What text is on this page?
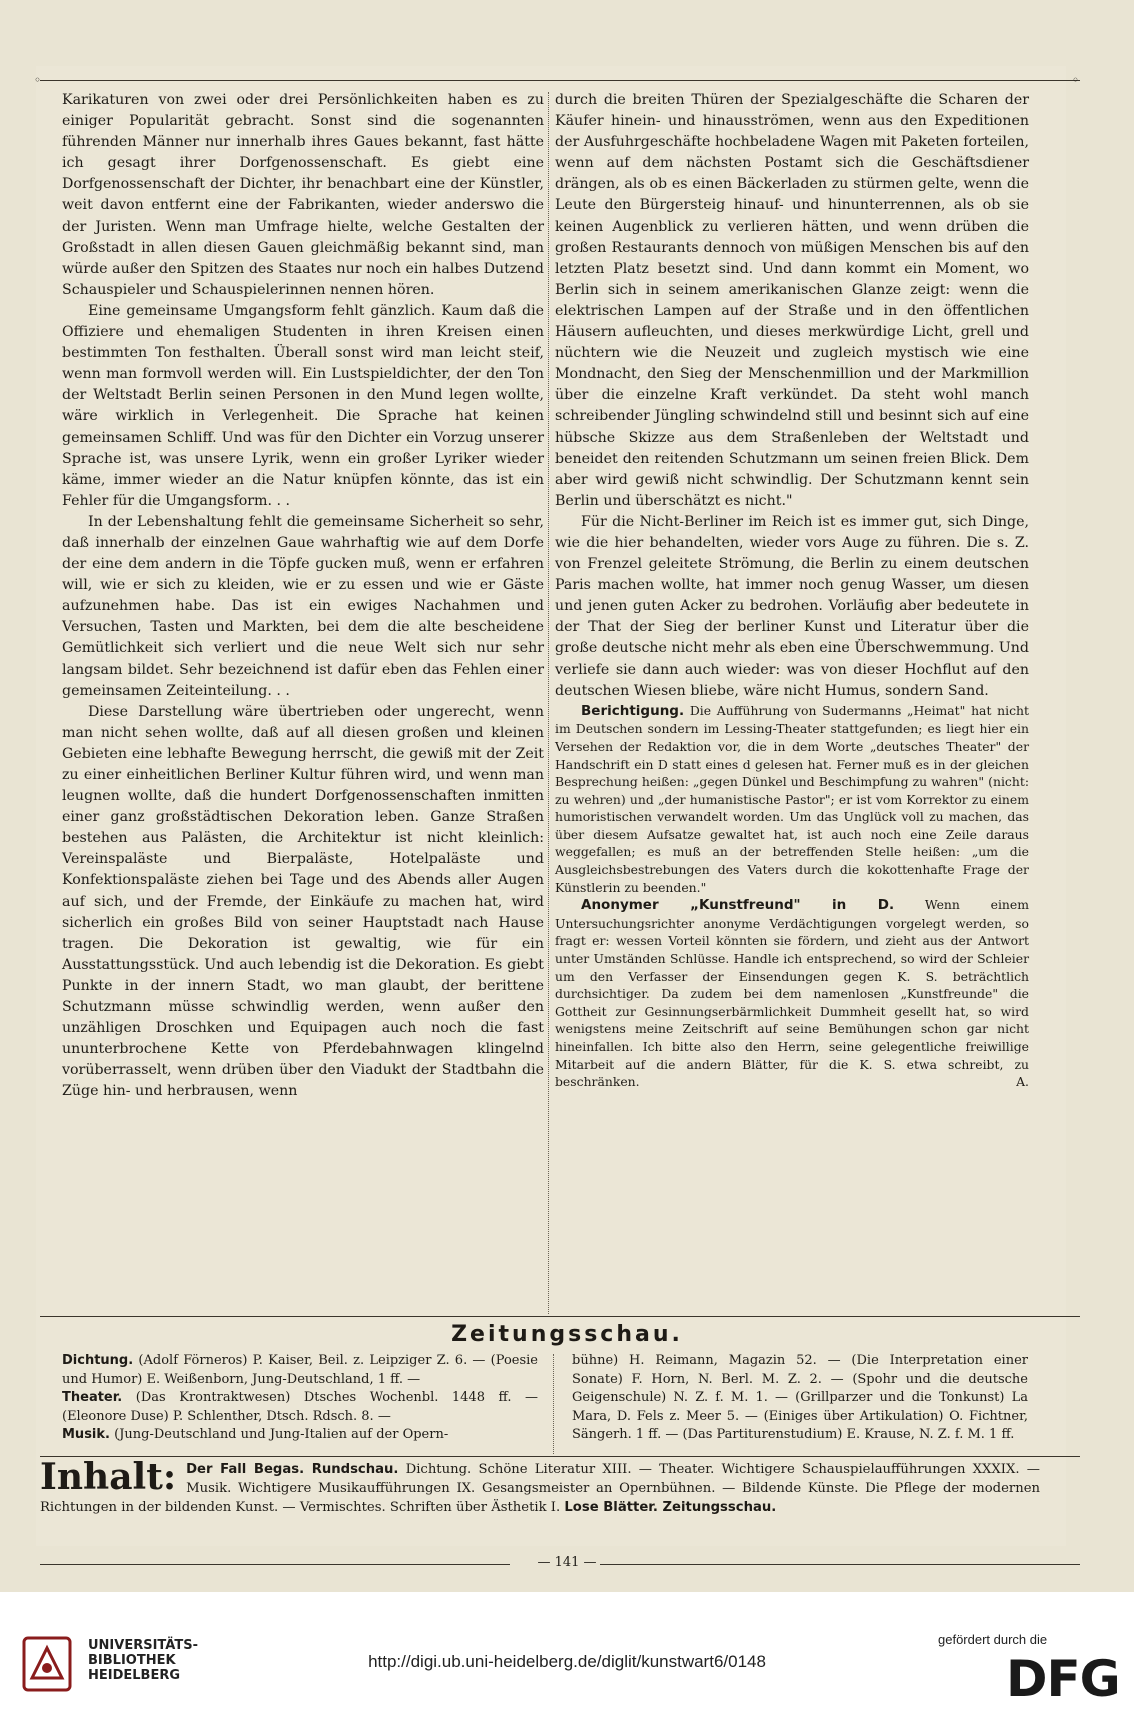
◦	◦

Karikaturen von zwei oder drei Persönlichkeiten haben es zu einiger Popularität gebracht. Sonst sind die sogenannten führenden Männer nur innerhalb ihres Gaues bekannt, fast hätte ich gesagt ihrer Dorfgenossenschaft. Es giebt eine Dorfgenossenschaft der Dichter, ihr benachbart eine der Künstler, weit davon entfernt eine der Fabrikanten, wieder anderswo die der Juristen. Wenn man Umfrage hielte, welche Gestalten der Großstadt in allen diesen Gauen gleichmäßig bekannt sind, man würde außer den Spitzen des Staates nur noch ein halbes Dutzend Schauspieler und Schauspielerinnen nennen hören.

Eine gemeinsame Umgangsform fehlt gänzlich. Kaum daß die Offiziere und ehemaligen Studenten in ihren Kreisen einen bestimmten Ton festhalten. Überall sonst wird man leicht steif, wenn man formvoll werden will. Ein Lustspieldichter, der den Ton der Weltstadt Berlin seinen Personen in den Mund legen wollte, wäre wirklich in Verlegenheit. Die Sprache hat keinen gemeinsamen Schliff. Und was für den Dichter ein Vorzug unserer Sprache ist, was unsere Lyrik, wenn ein großer Lyriker wieder käme, immer wieder an die Natur knüpfen könnte, das ist ein Fehler für die Umgangsform. . .

In der Lebenshaltung fehlt die gemeinsame Sicherheit so sehr, daß innerhalb der einzelnen Gaue wahrhaftig wie auf dem Dorfe der eine dem andern in die Töpfe gucken muß, wenn er erfahren will, wie er sich zu kleiden, wie er zu essen und wie er Gäste aufzunehmen habe. Das ist ein ewiges Nachahmen und Versuchen, Tasten und Markten, bei dem die alte bescheidene Gemütlichkeit sich verliert und die neue Welt sich nur sehr langsam bildet. Sehr bezeichnend ist dafür eben das Fehlen einer gemeinsamen Zeiteinteilung. . .

Diese Darstellung wäre übertrieben oder ungerecht, wenn man nicht sehen wollte, daß auf all diesen großen und kleinen Gebieten eine lebhafte Bewegung herrscht, die gewiß mit der Zeit zu einer einheitlichen Berliner Kultur führen wird, und wenn man leugnen wollte, daß die hundert Dorfgenossenschaften inmitten einer ganz großstädtischen Dekoration leben. Ganze Straßen bestehen aus Palästen, die Architektur ist nicht kleinlich: Vereinspaläste und Bierpaläste, Hotelpaläste und Konfektionspaläste ziehen bei Tage und des Abends aller Augen auf sich, und der Fremde, der Einkäufe zu machen hat, wird sicherlich ein großes Bild von seiner Hauptstadt nach Hause tragen. Die Dekoration ist gewaltig, wie für ein Ausstattungsstück. Und auch lebendig ist die Dekoration. Es giebt Punkte in der innern Stadt, wo man glaubt, der berittene Schutzmann müsse schwindlig werden, wenn außer den unzähligen Droschken und Equipagen auch noch die fast ununterbrochene Kette von Pferdebahnwagen klingelnd vorüberrasselt, wenn drüben über den Viadukt der Stadtbahn die Züge hin- und herbrausen, wenn

durch die breiten Thüren der Spezialgeschäfte die Scharen der Käufer hinein- und hinausströmen, wenn aus den Expeditionen der Ausfuhrgeschäfte hochbeladene Wagen mit Paketen forteilen, wenn auf dem nächsten Postamt sich die Geschäftsdiener drängen, als ob es einen Bäckerladen zu stürmen gelte, wenn die Leute den Bürgersteig hinauf- und hinunterrennen, als ob sie keinen Augenblick zu verlieren hätten, und wenn drüben die großen Restaurants dennoch von müßigen Menschen bis auf den letzten Platz besetzt sind. Und dann kommt ein Moment, wo Berlin sich in seinem amerikanischen Glanze zeigt: wenn die elektrischen Lampen auf der Straße und in den öffentlichen Häusern aufleuchten, und dieses merkwürdige Licht, grell und nüchtern wie die Neuzeit und zugleich mystisch wie eine Mondnacht, den Sieg der Menschenmillion und der Markmillion über die einzelne Kraft verkündet. Da steht wohl manch schreibender Jüngling schwindelnd still und besinnt sich auf eine hübsche Skizze aus dem Straßenleben der Weltstadt und beneidet den reitenden Schutzmann um seinen freien Blick. Dem aber wird gewiß nicht schwindlig. Der Schutzmann kennt sein Berlin und überschätzt es nicht."

Für die Nicht-Berliner im Reich ist es immer gut, sich Dinge, wie die hier behandelten, wieder vors Auge zu führen. Die s. Z. von Frenzel geleitete Strömung, die Berlin zu einem deutschen Paris machen wollte, hat immer noch genug Wasser, um diesen und jenen guten Acker zu bedrohen. Vorläufig aber bedeutete in der That der Sieg der berliner Kunst und Literatur über die große deutsche nicht mehr als eben eine Überschwemmung. Und verliefe sie dann auch wieder: was von dieser Hochflut auf den deutschen Wiesen bliebe, wäre nicht Humus, sondern Sand.

Berichtigung. Die Aufführung von Sudermanns „Heimat" hat nicht im Deutschen sondern im Lessing-Theater stattgefunden; es liegt hier ein Versehen der Redaktion vor, die in dem Worte „deutsches Theater" der Handschrift ein D statt eines d gelesen hat. Ferner muß es in der gleichen Besprechung heißen: „gegen Dünkel und Beschimpfung zu wahren" (nicht: zu wehren) und „der humanistische Pastor"; er ist vom Korrektor zu einem humoristischen verwandelt worden. Um das Unglück voll zu machen, das über diesem Aufsatze gewaltet hat, ist auch noch eine Zeile daraus weggefallen; es muß an der betreffenden Stelle heißen: „um die Ausgleichsbestrebungen des Vaters durch die kokottenhafte Frage der Künstlerin zu beenden."

Anonymer „Kunstfreund" in D. Wenn einem Untersuchungsrichter anonyme Verdächtigungen vorgelegt werden, so fragt er: wessen Vorteil könnten sie fördern, und zieht aus der Antwort unter Umständen Schlüsse. Handle ich entsprechend, so wird der Schleier um den Verfasser der Einsendungen gegen K. S. beträchtlich durchsichtiger. Da zudem bei dem namenlosen „Kunstfreunde" die Gottheit zur Gesinnungserbärmlichkeit Dummheit gesellt hat, so wird wenigstens meine Zeitschrift auf seine Bemühungen schon gar nicht hineinfallen. Ich bitte also den Herrn, seine gelegentliche freiwillige Mitarbeit auf die andern Blätter, für die K. S. etwa schreibt, zu beschränken.	A.

Zeitungsschau.
Dichtung. (Adolf Förneros) P. Kaiser, Beil. z. Leipziger Z. 6. — (Poesie und Humor) E. Weißenborn, Jung-Deutschland, 1 ff. —
Theater. (Das Krontraktwesen) Dtsches Wochenbl. 1448 ff. — (Eleonore Duse) P. Schlenther, Dtsch. Rdsch. 8. —
Musik. (Jung-Deutschland und Jung-Italien auf der Opern-
bühne) H. Reimann, Magazin 52. — (Die Interpretation einer Sonate) F. Horn, N. Berl. M. Z. 2. — (Spohr und die deutsche Geigenschule) N. Z. f. M. 1. — (Grillparzer und die Tonkunst) La Mara, D. Fels z. Meer 5. — (Einiges über Artikulation) O. Fichtner, Sängerh. 1 ff. — (Das Partiturenstudium) E. Krause, N. Z. f. M. 1 ff.
Inhalt: Der Fall Begas. Rundschau. Dichtung. Schöne Literatur XIII. — Theater. Wichtigere Schauspielaufführungen XXXIX. — Musik. Wichtigere Musikaufführungen IX. Gesangsmeister an Opernbühnen. — Bildende Künste. Die Pflege der modernen Richtungen in der bildenden Kunst. — Vermischtes. Schriften über Ästhetik I. Lose Blätter. Zeitungsschau.
— 141 —
UNIVERSITÄTS-
BIBLIOTHEK
HEIDELBERG
http://digi.ub.uni-heidelberg.de/diglit/kunstwart6/0148
gefördert durch die
DFG
